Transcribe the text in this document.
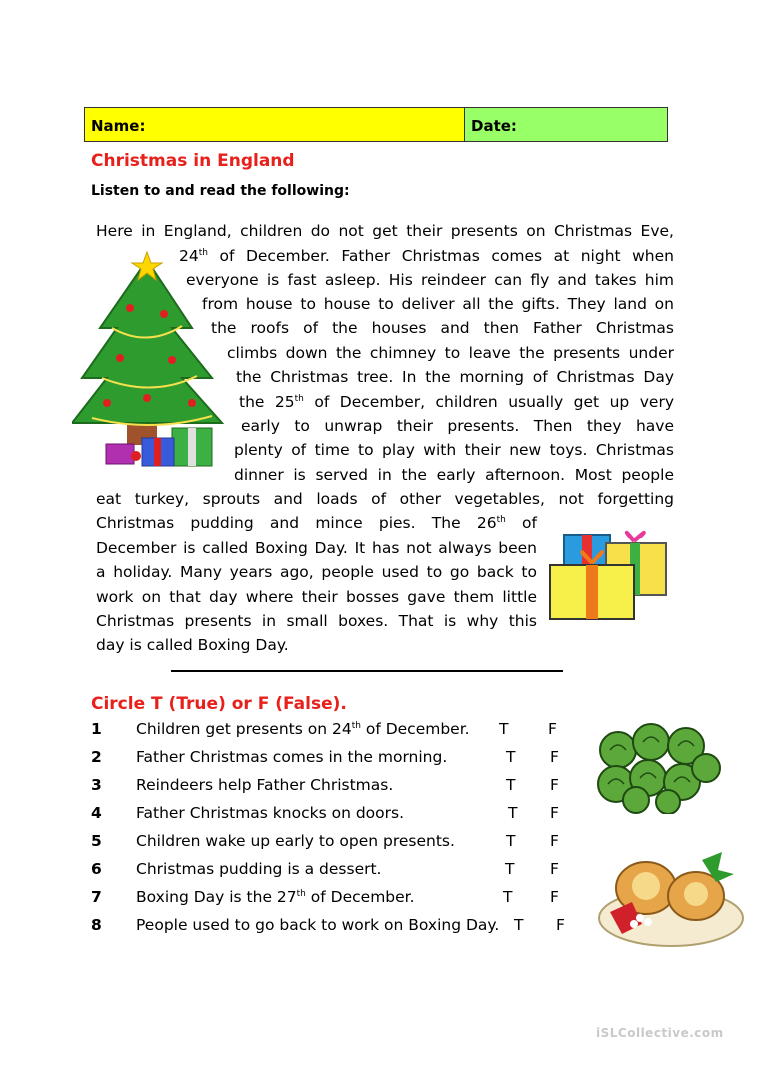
Name:	Date:
Christmas in England

Listen to and read the following:

Here in England, children do not get their presents on Christmas Eve,
24th of December. Father Christmas comes at night when
everyone is fast asleep. His reindeer can fly and takes him
from house to house to deliver all the gifts. They land on
the roofs of the houses and then Father Christmas
climbs down the chimney to leave the presents under
the Christmas tree. In the morning of Christmas Day
the 25th of December, children usually get up very
early to unwrap their presents. Then they have
plenty of time to play with their new toys. Christmas
dinner is served in the early afternoon. Most people
eat turkey, sprouts and loads of other vegetables, not forgetting
Christmas pudding and mince pies. The 26th of
December is called Boxing Day. It has not always been
a holiday. Many years ago, people used to go back to
work on that day where their bosses gave them little
Christmas presents in small boxes. That is why this
day is called Boxing Day.
Circle T (True) or F (False).
1 Children get presents on 24th of December. T	F
2 Father Christmas comes in the morning.	T F
3 Reindeers help Father Christmas.	T F
4 Father Christmas knocks on doors.	T F
5 Children wake up early to open presents.	T F
6 Christmas pudding is a dessert.	T F
7 Boxing Day is the 27th of December.	T F
8 People used to go back to work on Boxing Day. T F
iSLCollective.com
